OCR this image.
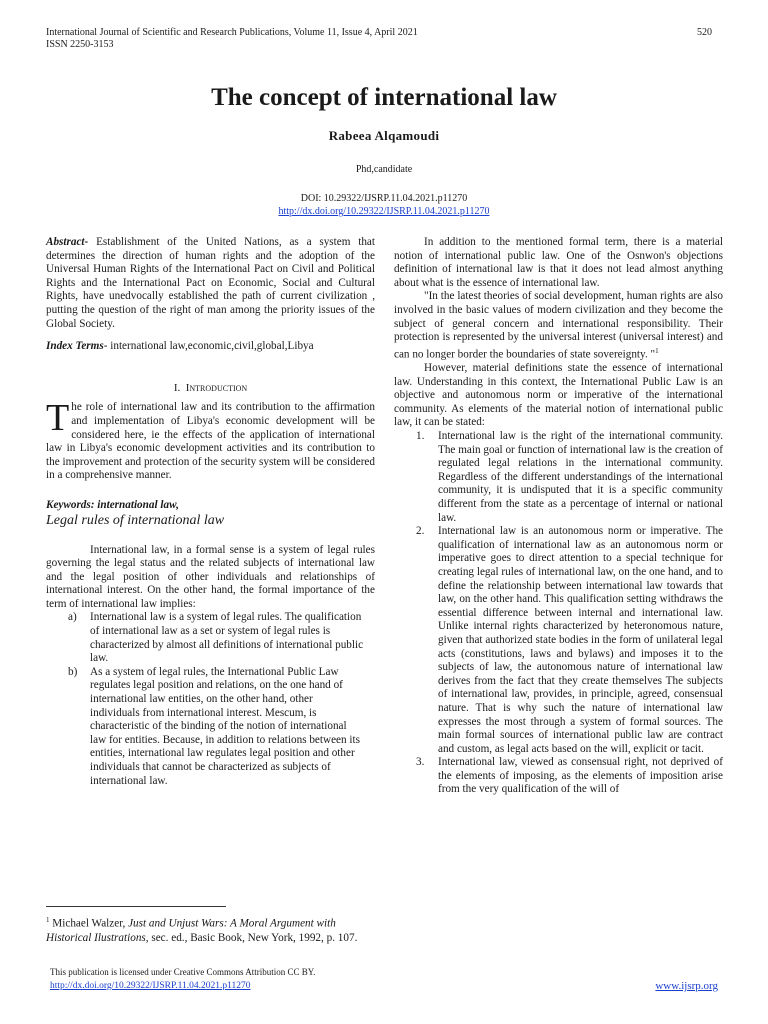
International Journal of Scientific and Research Publications, Volume 11, Issue 4, April 2021
ISSN 2250-3153
520
The concept of international law
Rabeea Alqamoudi
Phd,candidate
DOI: 10.29322/IJSRP.11.04.2021.p11270
http://dx.doi.org/10.29322/IJSRP.11.04.2021.p11270

Abstract- Establishment of the United Nations, as a system that determines the direction of human rights and the adoption of the Universal Human Rights of the International Pact on Civil and Political Rights and the International Pact on Economic, Social and Cultural Rights, have unedvocally established the path of current civilization , putting the question of the right of man among the priority issues of the Global Society.

Index Terms- international law,economic,civil,global,Libya

I. Introduction

The role of international law and its contribution to the affirmation and implementation of Libya's economic development will be considered here, ie the effects of the application of international law in Libya's economic development activities and its contribution to the improvement and protection of the security system will be considered in a comprehensive manner.

Keywords: international law,

Legal rules of international law

International law, in a formal sense is a system of legal rules governing the legal status and the related subjects of international law and the legal position of other individuals and relationships of international interest. On the other hand, the formal importance of the term of international law implies:

a) International law is a system of legal rules. The qualification of international law as a set or system of legal rules is characterized by almost all definitions of international public law.
b) As a system of legal rules, the International Public Law regulates legal position and relations, on the one hand of international law entities, on the other hand, other individuals from international interest. Mescum, is characteristic of the binding of the notion of international law for entities. Because, in addition to relations between its entities, international law regulates legal position and other individuals that cannot be characterized as subjects of international law.

In addition to the mentioned formal term, there is a material notion of international public law. One of the Osnwon's objections definition of international law is that it does not lead almost anything about what is the essence of international law.

"In the latest theories of social development, human rights are also involved in the basic values of modern civilization and they become the subject of general concern and international responsibility. Their protection is represented by the universal interest (universal interest) and can no longer border the boundaries of state sovereignty. "$^1$

However, material definitions state the essence of international law. Understanding in this context, the International Public Law is an objective and autonomous norm or imperative of the international community. As elements of the material notion of international public law, it can be stated:

1. International law is the right of the international community. The main goal or function of international law is the creation of regulated legal relations in the international community. Regardless of the different understandings of the international community, it is undisputed that it is a specific community different from the state as a percentage of internal or national law.
2. International law is an autonomous norm or imperative. The qualification of international law as an autonomous norm or imperative goes to direct attention to a special technique for creating legal rules of international law, on the one hand, and to define the relationship between international law towards that law, on the other hand. This qualification setting withdraws the essential difference between internal and international law. Unlike internal rights characterized by heteronomous nature, given that authorized state bodies in the form of unilateral legal acts (constitutions, laws and bylaws) and imposes it to the subjects of law, the autonomous nature of international law derives from the fact that they create themselves The subjects of international law, provides, in principle, agreed, consensual nature. That is why such the nature of international law expresses the most through a system of formal sources. The main formal sources of international public law are contract and custom, as legal acts based on the will, explicit or tacit.
3. International law, viewed as consensual right, not deprived of the elements of imposing, as the elements of imposition arise from the very qualification of the will of
$^1$ Michael Walzer, Just and Unjust Wars: A Moral Argument with Historical Ilustrations, sec. ed., Basic Book, New York, 1992, p. 107.
This publication is licensed under Creative Commons Attribution CC BY.
http://dx.doi.org/10.29322/IJSRP.11.04.2021.p11270	www.ijsrp.org
